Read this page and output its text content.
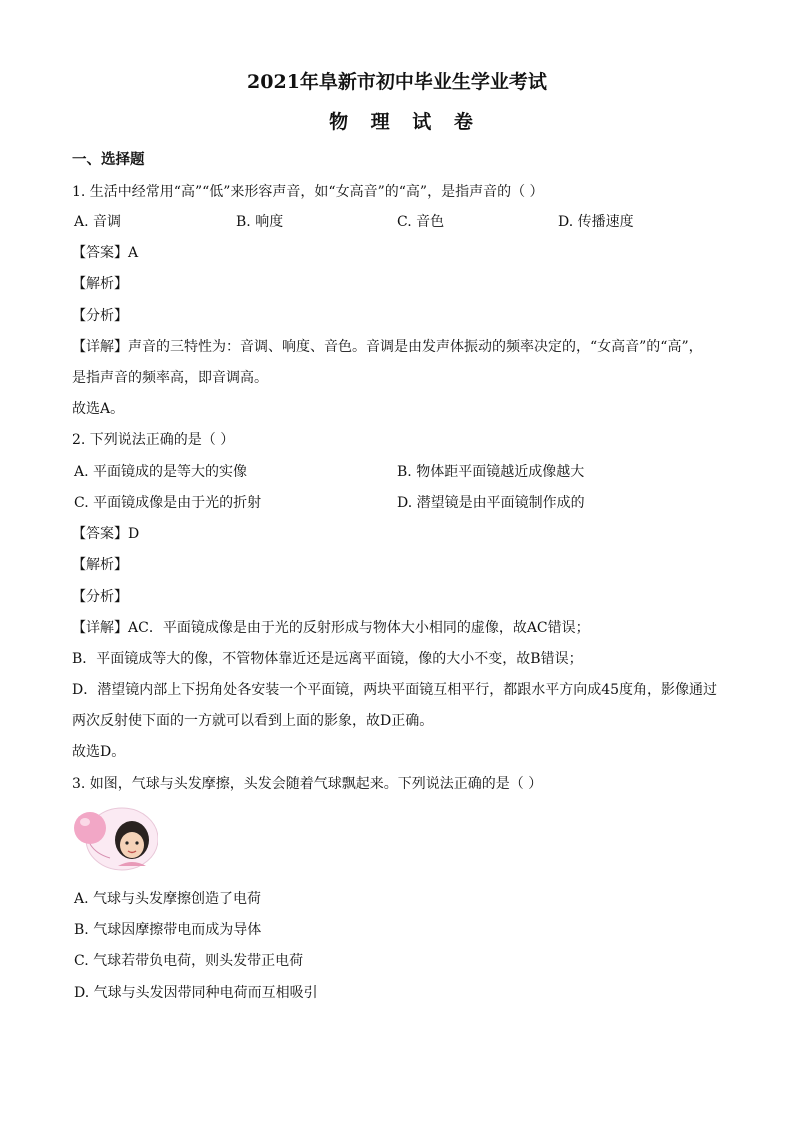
2021年阜新市初中毕业生学业考试
物 理 试 卷
一、选择题
1. 生活中经常用“高”“低”来形容声音，如“女高音”的“高”，是指声音的（ ）
A. 音调	B. 响度	C. 音色	D. 传播速度
【答案】A
【解析】
【分析】
【详解】声音的三特性为：音调、响度、音色。音调是由发声体振动的频率决定的，“女高音”的“高”，
是指声音的频率高，即音调高。
故选A。
2. 下列说法正确的是（ ）
A. 平面镜成的是等大的实像	B. 物体距平面镜越近成像越大
C. 平面镜成像是由于光的折射	D. 潜望镜是由平面镜制作成的
【答案】D
【解析】
【分析】
【详解】AC．平面镜成像是由于光的反射形成与物体大小相同的虚像，故AC错误；
B．平面镜成等大的像，不管物体靠近还是远离平面镜，像的大小不变，故B错误；
D．潜望镜内部上下拐角处各安装一个平面镜，两块平面镜互相平行，都跟水平方向成45度角，影像通过
两次反射使下面的一方就可以看到上面的影象，故D正确。
故选D。
3. 如图，气球与头发摩擦，头发会随着气球飘起来。下列说法正确的是（ ）
A. 气球与头发摩擦创造了电荷
B. 气球因摩擦带电而成为导体
C. 气球若带负电荷，则头发带正电荷
D. 气球与头发因带同种电荷而互相吸引
